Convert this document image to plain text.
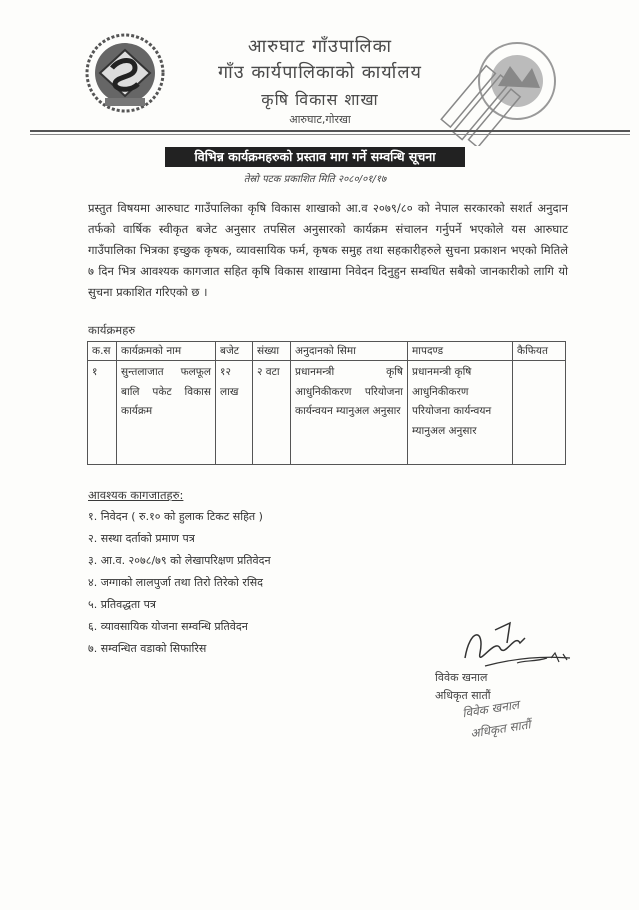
आरुघाट गाँउपालिका
गाँउ कार्यपालिकाको कार्यालय
कृषि विकास शाखा
आरुघाट,गोरखा
विभिन्न कार्यक्रमहरुको प्रस्ताव माग गर्ने सम्वन्धि सूचना
तेस्रो पटक प्रकाशित मिति २०८०/०१/१७
प्रस्तुत विषयमा आरुघाट गाउँपालिका कृषि विकास शाखाको आ.व २०७९/८० को नेपाल सरकारको सशर्त अनुदान तर्फको वार्षिक स्वीकृत बजेट अनुसार तपसिल अनुसारको कार्यक्रम संचालन गर्नुपर्ने भएकोले यस आरुघाट गाउँपालिका भित्रका इच्छुक कृषक, व्यावसायिक फर्म, कृषक समुह तथा सहकारीहरुले सुचना प्रकाशन भएको मितिले ७ दिन भित्र आवश्यक कागजात सहित कृषि विकास शाखामा निवेदन दिनुहुन सम्वधित सबैको जानकारीको लागि यो सुचना प्रकाशित गरिएको छ ।
कार्यक्रमहरु
क.स	कार्यक्रमको नाम	बजेट	संख्या	अनुदानको सिमा	मापदण्ड	कैफियत
१	सुन्तलाजात फलफूल बालि पकेट विकास कार्यक्रम	१२ लाख	२ वटा	प्रधानमन्त्री कृषि आधुनिकीकरण परियोजना कार्यन्वयन म्यानुअल अनुसार	प्रधानमन्त्री कृषि आधुनिकीकरण परियोजना कार्यन्वयन म्यानुअल अनुसार	
आवश्यक कागजातहरु:
१. निवेदन ( रु.१० को हुलाक टिकट सहित )
२. सस्था दर्ताको प्रमाण पत्र
३. आ.व. २०७८/७९ को लेखापरिक्षण प्रतिवेदन
४. जग्गाको लालपुर्जा तथा तिरो तिरेको रसिद
५. प्रतिवद्धता पत्र
६. व्यावसायिक योजना सम्वन्धि प्रतिवेदन
७. सम्वन्धित वडाको सिफारिस
विवेक खनाल
अधिकृत सातौं
विवेक खनाल
अधिकृत सातौं
